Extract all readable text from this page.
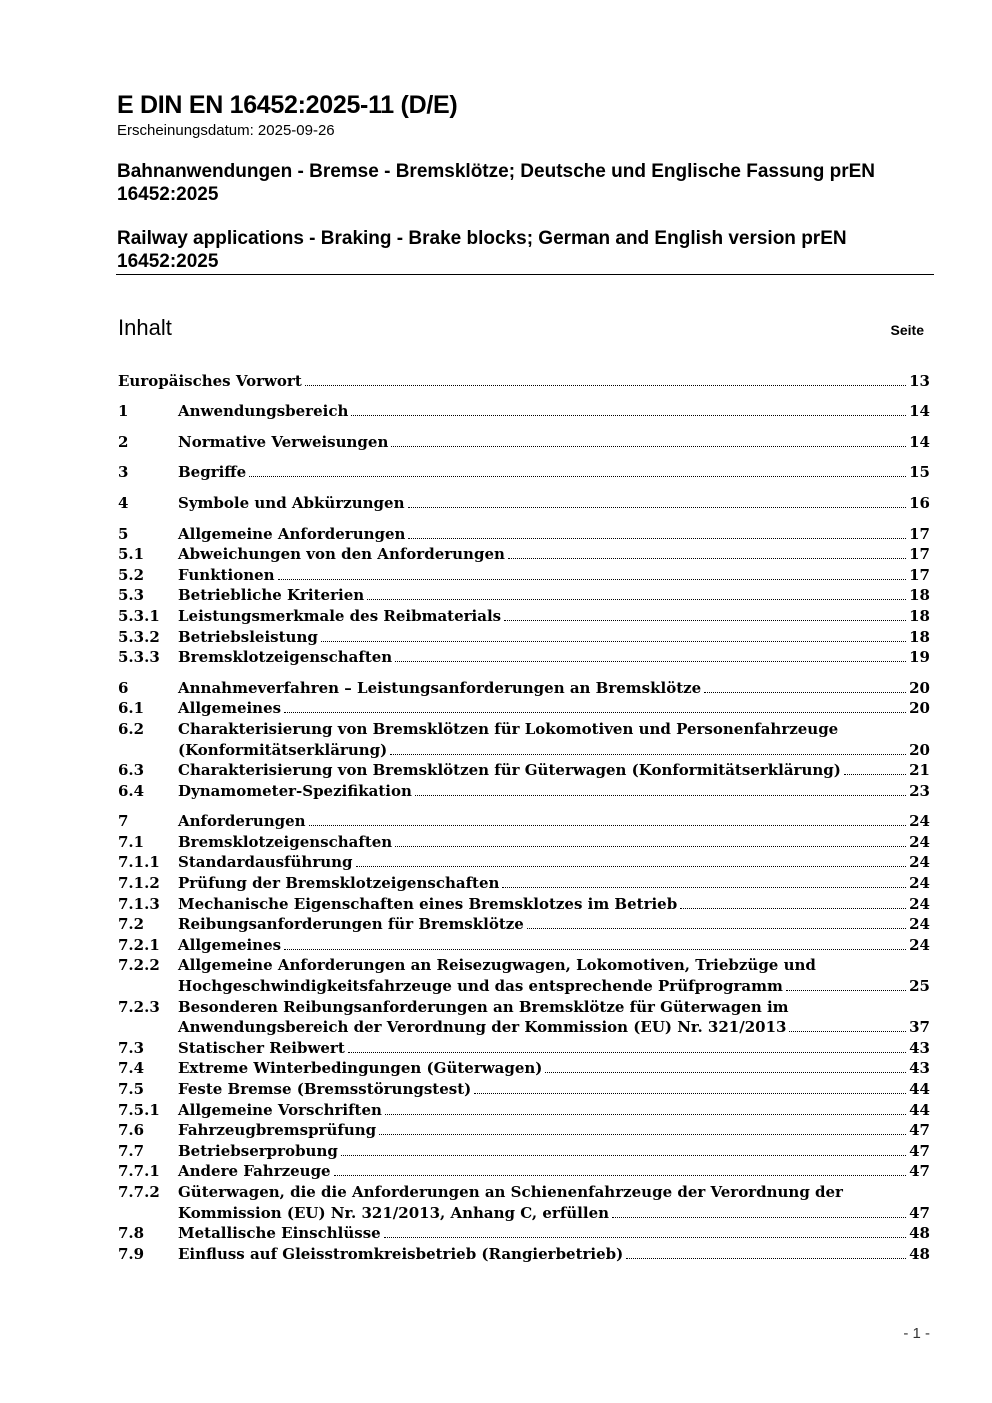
E DIN EN 16452:2025-11 (D/E)
Erscheinungsdatum: 2025-09-26
Bahnanwendungen - Bremse - Bremsklötze; Deutsche und Englische Fassung prEN 16452:2025
Railway applications - Braking - Brake blocks; German and English version prEN 16452:2025
Inhalt	Seite
Europäisches Vorwort	13
1	Anwendungsbereich	14
2	Normative Verweisungen	14
3	Begriffe	15
4	Symbole und Abkürzungen	16
5	Allgemeine Anforderungen	17
5.1	Abweichungen von den Anforderungen	17
5.2	Funktionen	17
5.3	Betriebliche Kriterien	18
5.3.1	Leistungsmerkmale des Reibmaterials	18
5.3.2	Betriebsleistung	18
5.3.3	Bremsklotzeigenschaften	19
6	Annahmeverfahren – Leistungsanforderungen an Bremsklötze	20
6.1	Allgemeines	20
6.2	Charakterisierung von Bremsklötzen für Lokomotiven und Personenfahrzeuge
(Konformitätserklärung)	20
6.3	Charakterisierung von Bremsklötzen für Güterwagen (Konformitätserklärung)	21
6.4	Dynamometer-Spezifikation	23
7	Anforderungen	24
7.1	Bremsklotzeigenschaften	24
7.1.1	Standardausführung	24
7.1.2	Prüfung der Bremsklotzeigenschaften	24
7.1.3	Mechanische Eigenschaften eines Bremsklotzes im Betrieb	24
7.2	Reibungsanforderungen für Bremsklötze	24
7.2.1	Allgemeines	24
7.2.2	Allgemeine Anforderungen an Reisezugwagen, Lokomotiven, Triebzüge und
Hochgeschwindigkeitsfahrzeuge und das entsprechende Prüfprogramm	25
7.2.3	Besonderen Reibungsanforderungen an Bremsklötze für Güterwagen im
Anwendungsbereich der Verordnung der Kommission (EU) Nr. 321/2013	37
7.3	Statischer Reibwert	43
7.4	Extreme Winterbedingungen (Güterwagen)	43
7.5	Feste Bremse (Bremsstörungstest)	44
7.5.1	Allgemeine Vorschriften	44
7.6	Fahrzeugbremsprüfung	47
7.7	Betriebserprobung	47
7.7.1	Andere Fahrzeuge	47
7.7.2	Güterwagen, die die Anforderungen an Schienenfahrzeuge der Verordnung der
Kommission (EU) Nr. 321/2013, Anhang C, erfüllen	47
7.8	Metallische Einschlüsse	48
7.9	Einfluss auf Gleisstromkreisbetrieb (Rangierbetrieb)	48
- 1 -
